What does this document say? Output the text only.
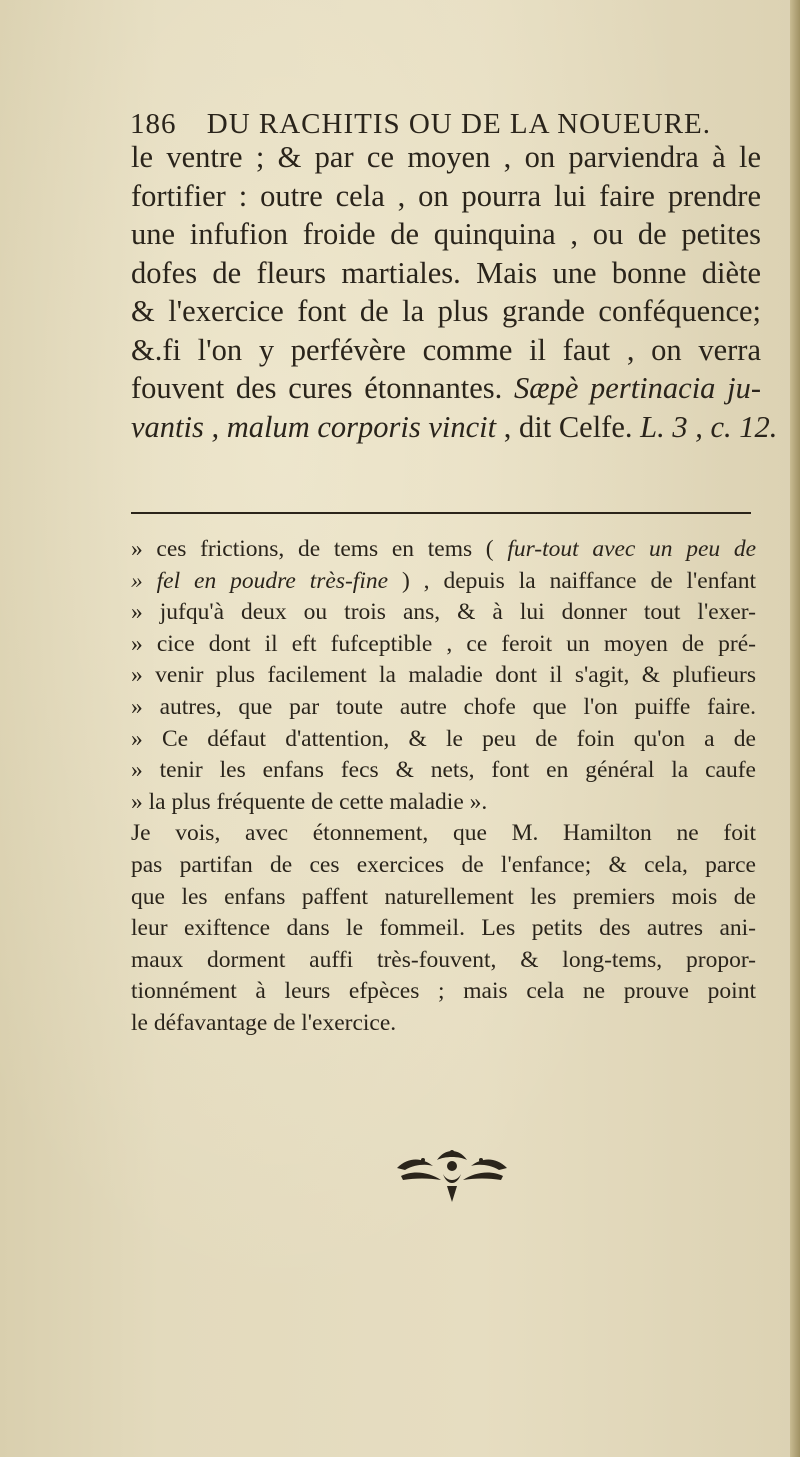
186 DU RACHITIS OU DE LA NOUEURE.
le ventre ; & par ce moyen , on parviendra à le
fortifier : outre cela , on pourra lui faire prendre
une infufion froide de quinquina , ou de petites
dofes de fleurs martiales. Mais une bonne diète
& l'exercice font de la plus grande conféquence;
&.fi l'on y perfévère comme il faut , on verra
fouvent des cures étonnantes. Sæpè pertinacia ju-
vantis , malum corporis vincit , dit Celfe. L. 3 , c. 12.
» ces frictions, de tems en tems ( fur-tout avec un peu de
» fel en poudre très-fine ) , depuis la naiffance de l'enfant
» jufqu'à deux ou trois ans, & à lui donner tout l'exer-
» cice dont il eft fufceptible , ce feroit un moyen de pré-
» venir plus facilement la maladie dont il s'agit, & plufieurs
» autres, que par toute autre chofe que l'on puiffe faire.
» Ce défaut d'attention, & le peu de foin qu'on a de
» tenir les enfans fecs & nets, font en général la caufe
» la plus fréquente de cette maladie ».
Je vois, avec étonnement, que M. Hamilton ne foit
pas partifan de ces exercices de l'enfance; & cela, parce
que les enfans paffent naturellement les premiers mois de
leur exiftence dans le fommeil. Les petits des autres ani-
maux dorment auffi très-fouvent, & long-tems, propor-
tionnément à leurs efpèces ; mais cela ne prouve point
le défavantage de l'exercice.
